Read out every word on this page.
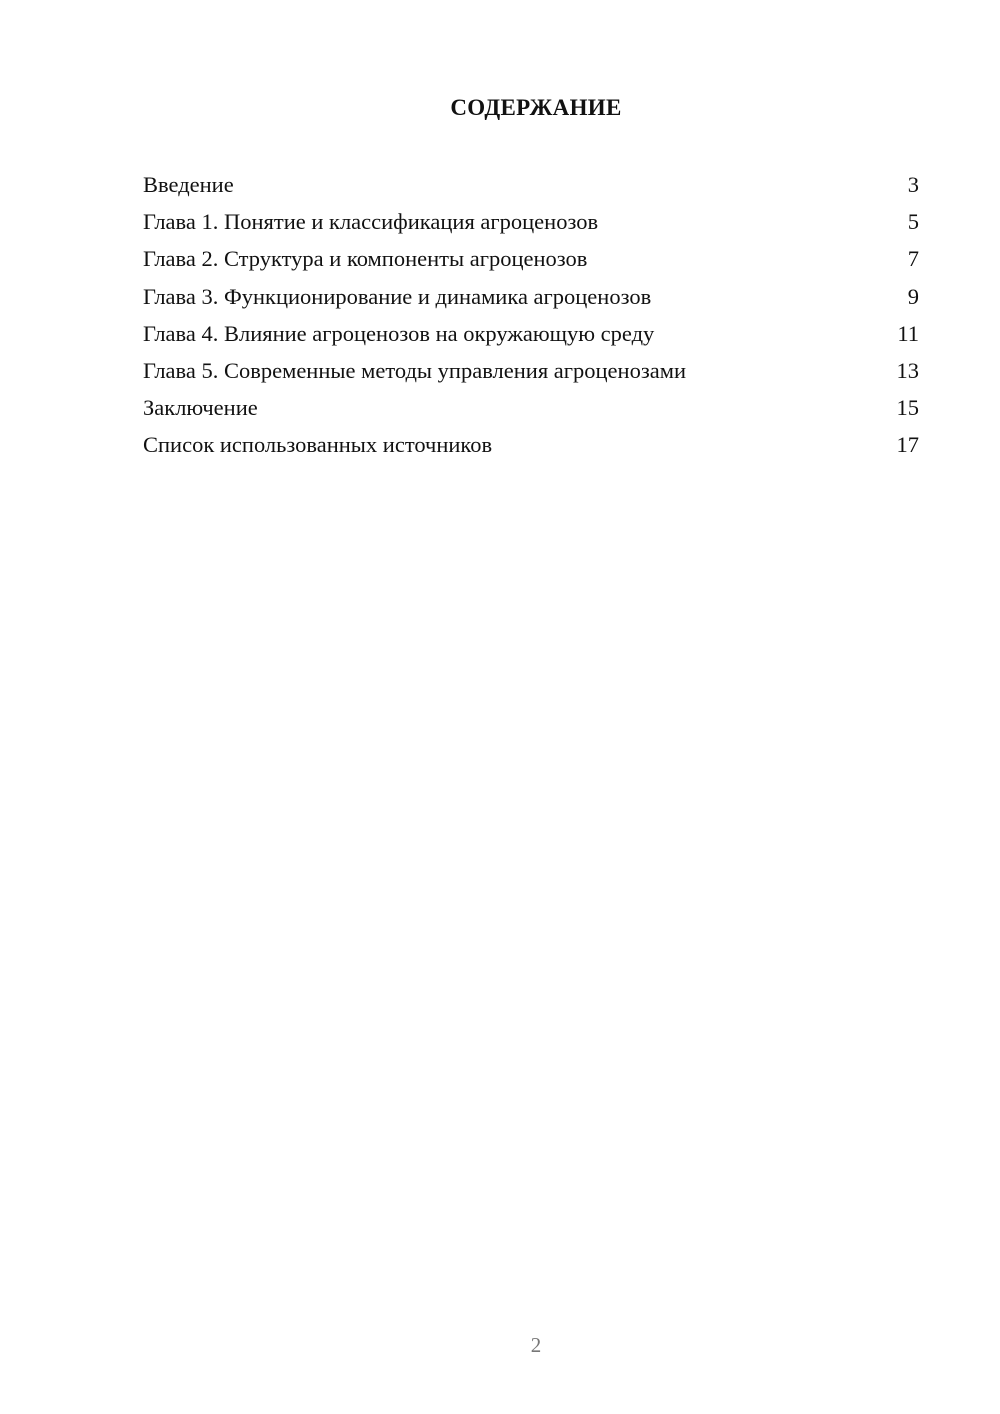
СОДЕРЖАНИЕ
Введение	3
Глава 1. Понятие и классификация агроценозов	5
Глава 2. Структура и компоненты агроценозов	7
Глава 3. Функционирование и динамика агроценозов	9
Глава 4. Влияние агроценозов на окружающую среду	11
Глава 5. Современные методы управления агроценозами	13
Заключение	15
Список использованных источников	17
2
